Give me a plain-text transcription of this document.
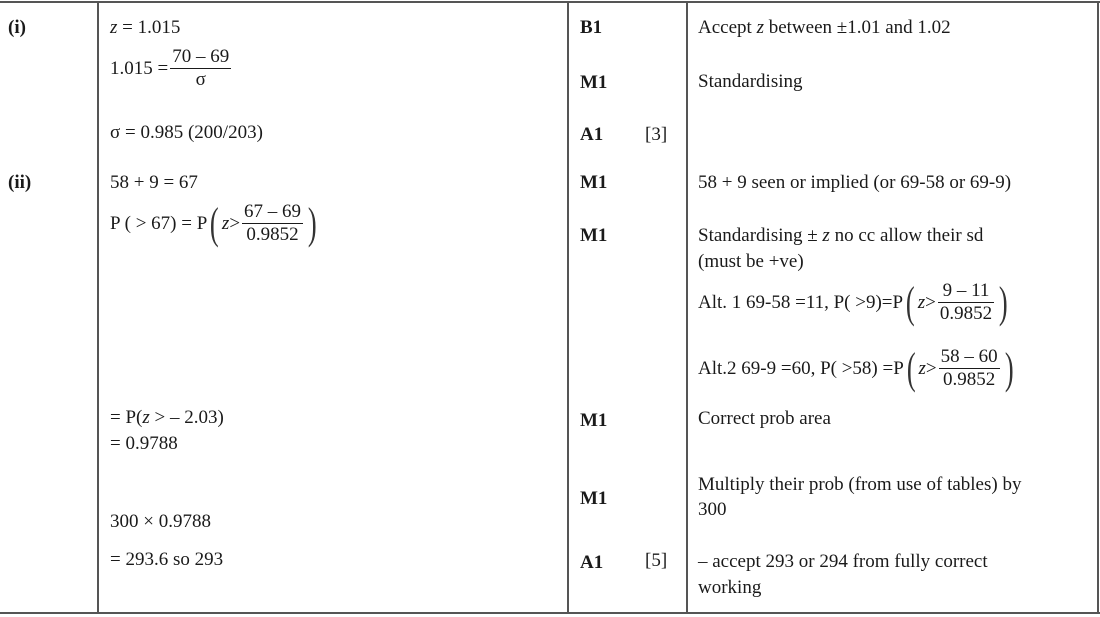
(i)	z = 1.015
$1.015 = \frac{70 - 69}{\sigma}$
σ = 0.985 (200/203)
B1
M1
A1 [3]
Accept z between ±1.01 and 1.02
Standardising
(ii)	58 + 9 = 67
P ( > 67) = P ( $z > \frac{67 - 69}{0.9852}$ )
= P(z > – 2.03)
= 0.9788
300 × 0.9788
= 293.6 so 293
M1
M1
M1
M1
A1 [5]
58 + 9 seen or implied (or 69-58 or 69-9)
Standardising ± z no cc allow their sd
(must be +ve)
Alt. 1 69-58 =11, P( >9)=P ( $z > \frac{9 - 11}{0.9852}$ )
Alt.2 69-9 =60, P( >58) =P ( $z > \frac{58 - 60}{0.9852}$ )
Correct prob area
Multiply their prob (from use of tables) by
300
– accept 293 or 294 from fully correct
working
